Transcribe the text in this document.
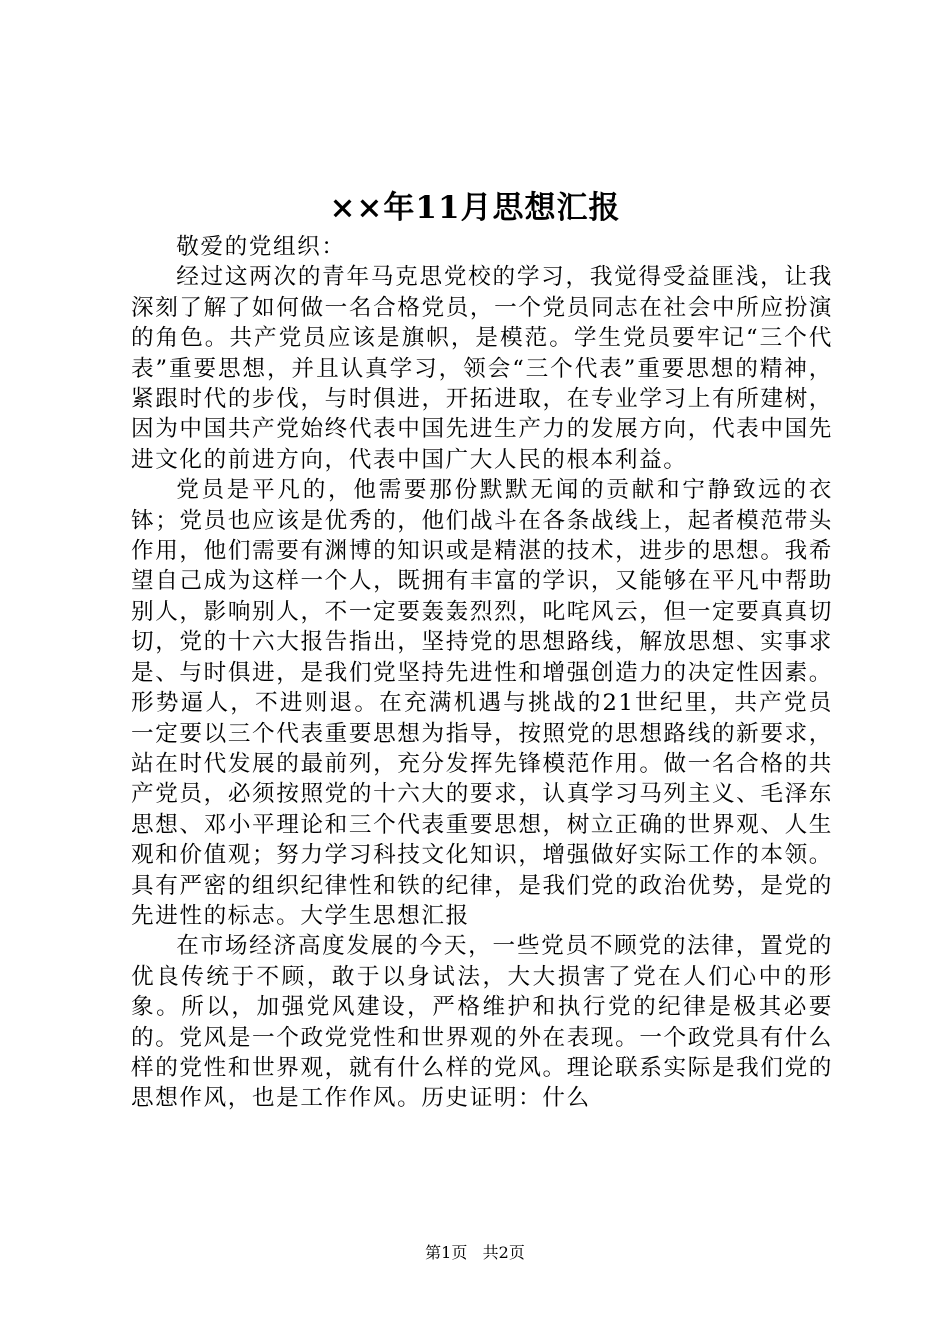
××年11月思想汇报

敬爱的党组织：

经过这两次的青年马克思党校的学习，我觉得受益匪浅，让我深刻了解了如何做一名合格党员，一个党员同志在社会中所应扮演的角色。共产党员应该是旗帜，是模范。学生党员要牢记“三个代表”重要思想，并且认真学习，领会“三个代表”重要思想的精神，紧跟时代的步伐，与时俱进，开拓进取，在专业学习上有所建树，因为中国共产党始终代表中国先进生产力的发展方向，代表中国先进文化的前进方向，代表中国广大人民的根本利益。

党员是平凡的，他需要那份默默无闻的贡献和宁静致远的衣钵；党员也应该是优秀的，他们战斗在各条战线上，起者模范带头作用，他们需要有渊博的知识或是精湛的技术，进步的思想。我希望自己成为这样一个人，既拥有丰富的学识，又能够在平凡中帮助别人，影响别人，不一定要轰轰烈烈，叱咤风云，但一定要真真切切，党的十六大报告指出，坚持党的思想路线，解放思想、实事求是、与时俱进，是我们党坚持先进性和增强创造力的决定性因素。形势逼人，不进则退。在充满机遇与挑战的21世纪里，共产党员一定要以三个代表重要思想为指导，按照党的思想路线的新要求，站在时代发展的最前列，充分发挥先锋模范作用。做一名合格的共产党员，必须按照党的十六大的要求，认真学习马列主义、毛泽东思想、邓小平理论和三个代表重要思想，树立正确的世界观、人生观和价值观；努力学习科技文化知识，增强做好实际工作的本领。具有严密的组织纪律性和铁的纪律，是我们党的政治优势，是党的先进性的标志。大学生思想汇报

在市场经济高度发展的今天，一些党员不顾党的法律，置党的优良传统于不顾，敢于以身试法，大大损害了党在人们心中的形象。所以，加强党风建设，严格维护和执行党的纪律是极其必要的。党风是一个政党党性和世界观的外在表现。一个政党具有什么样的党性和世界观，就有什么样的党风。理论联系实际是我们党的思想作风，也是工作作风。历史证明：什么

第1页 共2页
